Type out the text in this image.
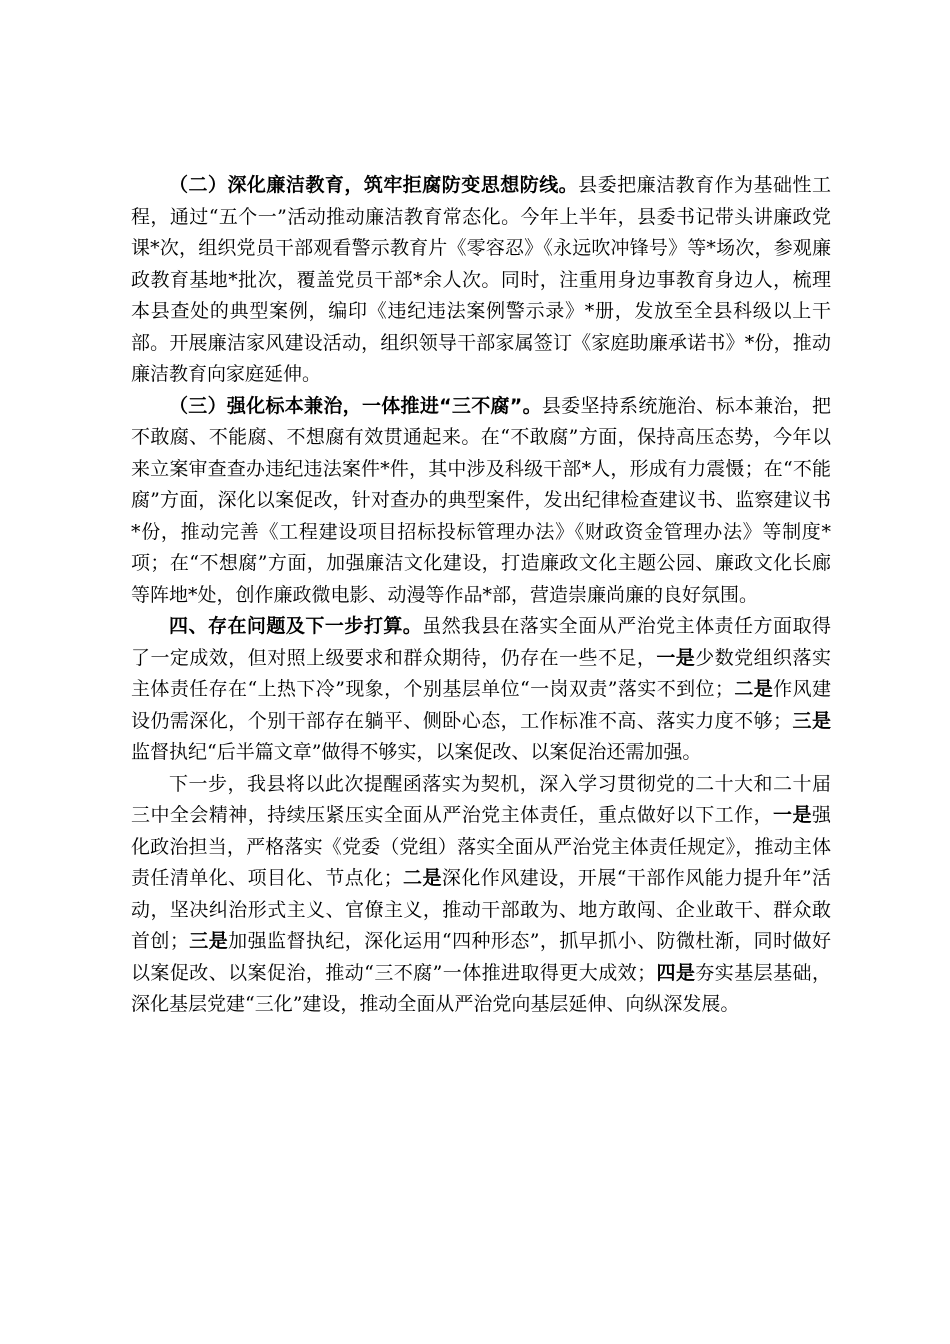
（二）深化廉洁教育，筑牢拒腐防变思想防线。县委把廉洁教育作为基础性工程，通过“五个一”活动推动廉洁教育常态化。今年上半年，县委书记带头讲廉政党课*次，组织党员干部观看警示教育片《零容忍》《永远吹冲锋号》等*场次，参观廉政教育基地*批次，覆盖党员干部*余人次。同时，注重用身边事教育身边人，梳理本县查处的典型案例，编印《违纪违法案例警示录》*册，发放至全县科级以上干部。开展廉洁家风建设活动，组织领导干部家属签订《家庭助廉承诺书》*份，推动廉洁教育向家庭延伸。

（三）强化标本兼治，一体推进“三不腐”。县委坚持系统施治、标本兼治，把不敢腐、不能腐、不想腐有效贯通起来。在“不敢腐”方面，保持高压态势，今年以来立案审查查办违纪违法案件*件，其中涉及科级干部*人，形成有力震慑；在“不能腐”方面，深化以案促改，针对查办的典型案件，发出纪律检查建议书、监察建议书*份，推动完善《工程建设项目招标投标管理办法》《财政资金管理办法》等制度*项；在“不想腐”方面，加强廉洁文化建设，打造廉政文化主题公园、廉政文化长廊等阵地*处，创作廉政微电影、动漫等作品*部，营造崇廉尚廉的良好氛围。

四、存在问题及下一步打算。虽然我县在落实全面从严治党主体责任方面取得了一定成效，但对照上级要求和群众期待，仍存在一些不足，一是少数党组织落实主体责任存在“上热下冷”现象，个别基层单位“一岗双责”落实不到位；二是作风建设仍需深化，个别干部存在躺平、侧卧心态，工作标准不高、落实力度不够；三是监督执纪“后半篇文章”做得不够实，以案促改、以案促治还需加强。

下一步，我县将以此次提醒函落实为契机，深入学习贯彻党的二十大和二十届三中全会精神，持续压紧压实全面从严治党主体责任，重点做好以下工作，一是强化政治担当，严格落实《党委（党组）落实全面从严治党主体责任规定》，推动主体责任清单化、项目化、节点化；二是深化作风建设，开展“干部作风能力提升年”活动，坚决纠治形式主义、官僚主义，推动干部敢为、地方敢闯、企业敢干、群众敢首创；三是加强监督执纪，深化运用“四种形态”，抓早抓小、防微杜渐，同时做好以案促改、以案促治，推动“三不腐”一体推进取得更大成效；四是夯实基层基础，深化基层党建“三化”建设，推动全面从严治党向基层延伸、向纵深发展。
